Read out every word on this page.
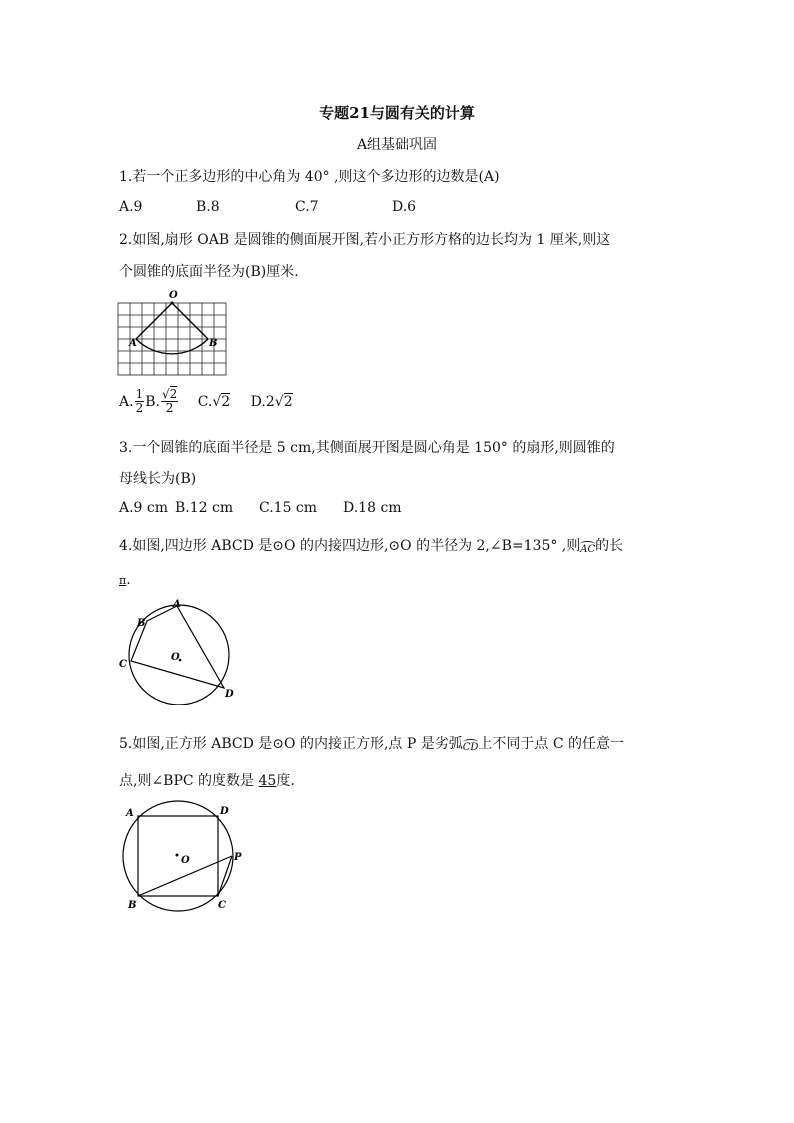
专题21与圆有关的计算
A组基础巩固
1.若一个正多边形的中心角为 40° ,则这个多边形的边数是(A)
A.9	B.8	C.7	D.6
2.如图,扇形 OAB 是圆锥的侧面展开图,若小正方形方格的边长均为 1 厘米,则这
个圆锥的底面半径为(B)厘米.
O
A	B
A. $\frac{1}{2} B$. $\frac{√2}{2} C.√2$ D.2√2
3.一个圆锥的底面半径是 5 cm,其侧面展开图是圆心角是 150° 的扇形,则圆锥的
母线长为(B)
A.9 cm B.12 cm C.15 cm D.18 cm
4.如图,四边形 ABCD 是⊙O 的内接四边形,⊙O 的半径为 2,∠B=135° ,则AC的长
π.
A
B
C
D
O
5.如图,正方形 ABCD 是⊙O 的内接正方形,点 P 是劣弧CD上不同于点 C 的任意一
点,则∠BPC 的度数是 45度.
A	D
P
B	C
O
